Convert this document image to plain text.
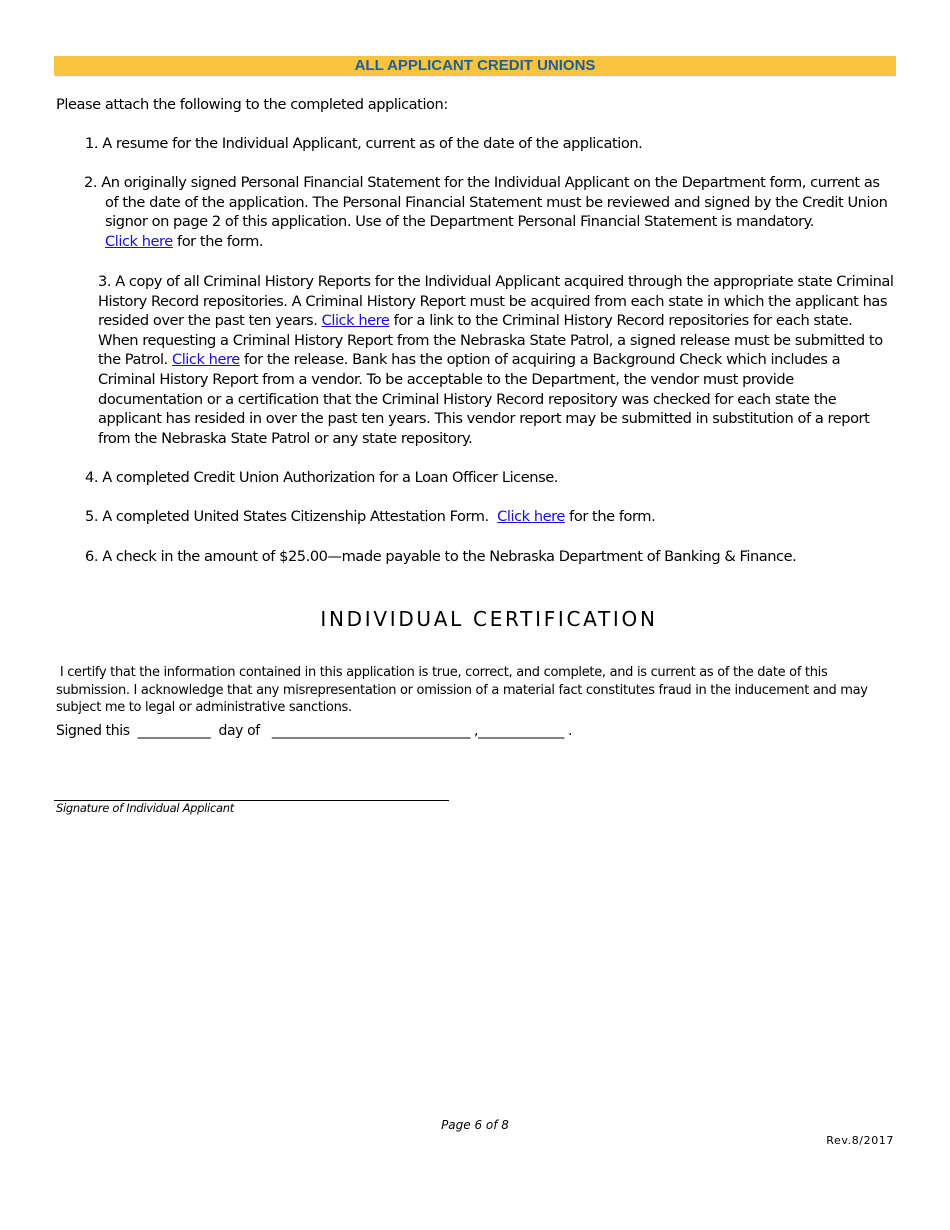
ALL APPLICANT CREDIT UNIONS

Please attach the following to the completed application:

1. A resume for the Individual Applicant, current as of the date of the application.

2. An originally signed Personal Financial Statement for the Individual Applicant on the Department form, current as of the date of the application. The Personal Financial Statement must be reviewed and signed by the Credit Union signor on page 2 of this application. Use of the Department Personal Financial Statement is mandatory.
Click here for the form.

3. A copy of all Criminal History Reports for the Individual Applicant acquired through the appropriate state Criminal History Record repositories. A Criminal History Report must be acquired from each state in which the applicant has resided over the past ten years. Click here for a link to the Criminal History Record repositories for each state. When requesting a Criminal History Report from the Nebraska State Patrol, a signed release must be submitted to the Patrol. Click here for the release. Bank has the option of acquiring a Background Check which includes a Criminal History Report from a vendor. To be acceptable to the Department, the vendor must provide documentation or a certification that the Criminal History Record repository was checked for each state the applicant has resided in over the past ten years. This vendor report may be submitted in substitution of a report from the Nebraska State Patrol or any state repository.

4. A completed Credit Union Authorization for a Loan Officer License.

5. A completed United States Citizenship Attestation Form. Click here for the form.

6. A check in the amount of $25.00—made payable to the Nebraska Department of Banking & Finance.

INDIVIDUAL CERTIFICATION

I certify that the information contained in this application is true, correct, and complete, and is current as of the date of this submission. I acknowledge that any misrepresentation or omission of a material fact constitutes fraud in the inducement and may subject me to legal or administrative sanctions.

Signed this ___________ day of ______________________________ ,_____________ .
Signature of Individual Applicant
Page 6 of 8
Rev.8/2017
